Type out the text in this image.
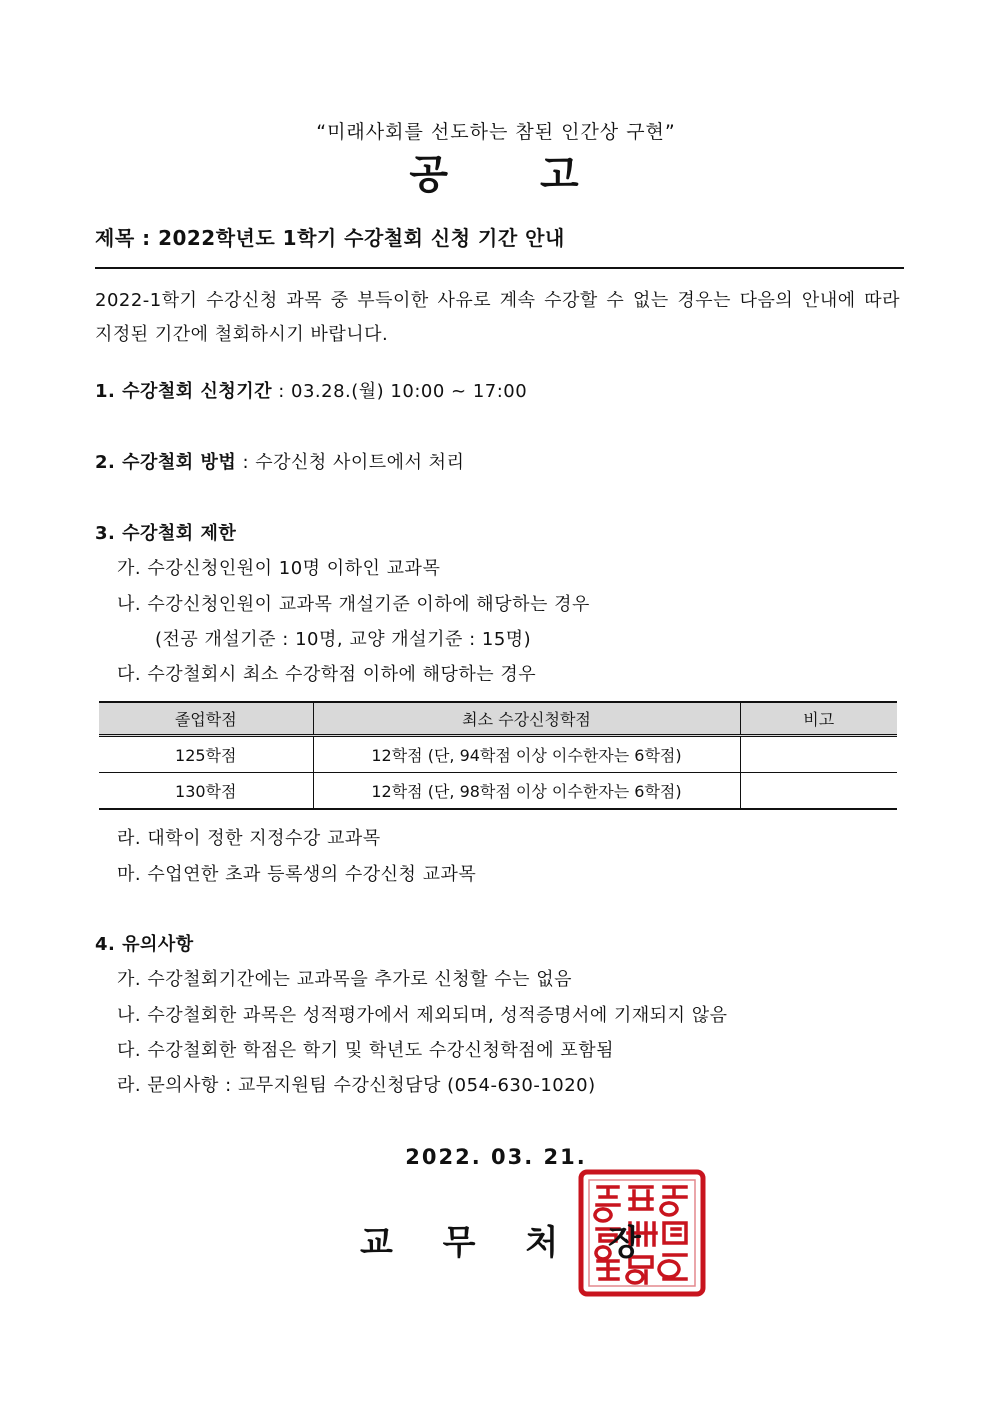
“미래사회를 선도하는 참된 인간상 구현”
공 고
제목 : 2022학년도 1학기 수강철회 신청 기간 안내
2022-1학기 수강신청 과목 중 부득이한 사유로 계속 수강할 수 없는 경우는 다음의 안내에 따라 지정된 기간에 철회하시기 바랍니다.
1. 수강철회 신청기간 : 03.28.(월) 10:00 ~ 17:00
2. 수강철회 방법 : 수강신청 사이트에서 처리
3. 수강철회 제한
가. 수강신청인원이 10명 이하인 교과목
나. 수강신청인원이 교과목 개설기준 이하에 해당하는 경우
(전공 개설기준 : 10명, 교양 개설기준 : 15명)
다. 수강철회시 최소 수강학점 이하에 해당하는 경우
졸업학점	최소 수강신청학점	비고
125학점	12학점 (단, 94학점 이상 이수한자는 6학점)	
130학점	12학점 (단, 98학점 이상 이수한자는 6학점)	
라. 대학이 정한 지정수강 교과목
마. 수업연한 초과 등록생의 수강신청 교과목
4. 유의사항
가. 수강철회기간에는 교과목을 추가로 신청할 수는 없음
나. 수강철회한 과목은 성적평가에서 제외되며, 성적증명서에 기재되지 않음
다. 수강철회한 학점은 학기 및 학년도 수강신청학점에 포함됨
라. 문의사항 : 교무지원팀 수강신청담당 (054-630-1020)
2022. 03. 21.
교 무 처 장
